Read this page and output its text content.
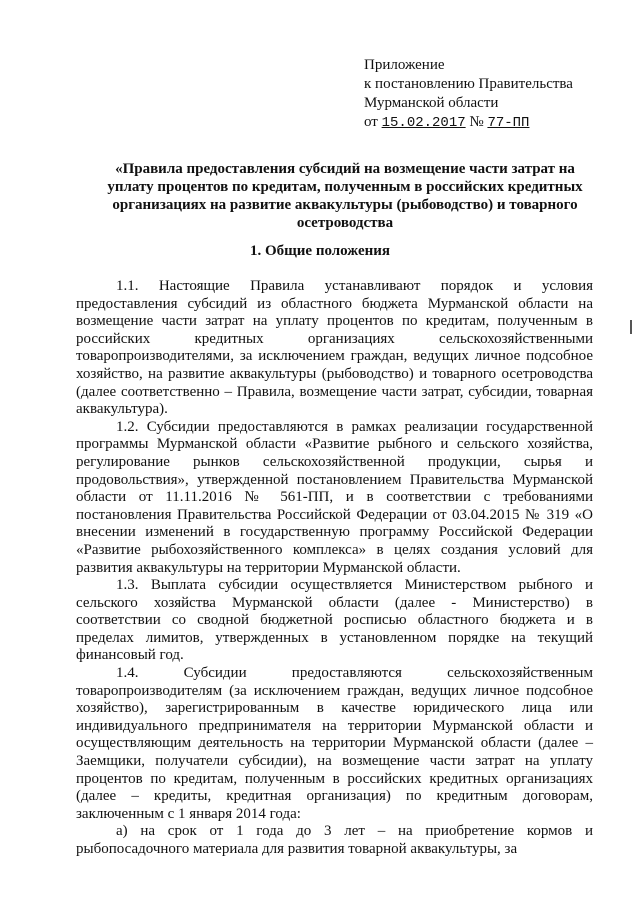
Приложение
к постановлению Правительства
Мурманской области
от 15.02.2017 № 77-ПП
«Правила предоставления субсидий на возмещение части затрат на уплату процентов по кредитам, полученным в российских кредитных организациях на развитие аквакультуры (рыбоводство) и товарного осетроводства
1. Общие положения

1.1. Настоящие Правила устанавливают порядок и условия предоставления субсидий из областного бюджета Мурманской области на возмещение части затрат на уплату процентов по кредитам, полученным в российских кредитных организациях сельскохозяйственными товаропроизводителями, за исключением граждан, ведущих личное подсобное хозяйство, на развитие аквакультуры (рыбоводство) и товарного осетроводства (далее соответственно – Правила, возмещение части затрат, субсидии, товарная аквакультура).

1.2. Субсидии предоставляются в рамках реализации государственной программы Мурманской области «Развитие рыбного и сельского хозяйства, регулирование рынков сельскохозяйственной продукции, сырья и продовольствия», утвержденной постановлением Правительства Мурманской области от 11.11.2016 № 561-ПП, и в соответствии с требованиями постановления Правительства Российской Федерации от 03.04.2015 № 319 «О внесении изменений в государственную программу Российской Федерации «Развитие рыбохозяйственного комплекса» в целях создания условий для развития аквакультуры на территории Мурманской области.

1.3. Выплата субсидии осуществляется Министерством рыбного и сельского хозяйства Мурманской области (далее - Министерство) в соответствии со сводной бюджетной росписью областного бюджета и в пределах лимитов, утвержденных в установленном порядке на текущий финансовый год.

1.4. Субсидии предоставляются сельскохозяйственным товаропроизводителям (за исключением граждан, ведущих личное подсобное хозяйство), зарегистрированным в качестве юридического лица или индивидуального предпринимателя на территории Мурманской области и осуществляющим деятельность на территории Мурманской области (далее – Заемщики, получатели субсидии), на возмещение части затрат на уплату процентов по кредитам, полученным в российских кредитных организациях (далее – кредиты, кредитная организация) по кредитным договорам, заключенным с 1 января 2014 года:

а) на срок от 1 года до 3 лет – на приобретение кормов и рыбопосадочного материала для развития товарной аквакультуры, за
